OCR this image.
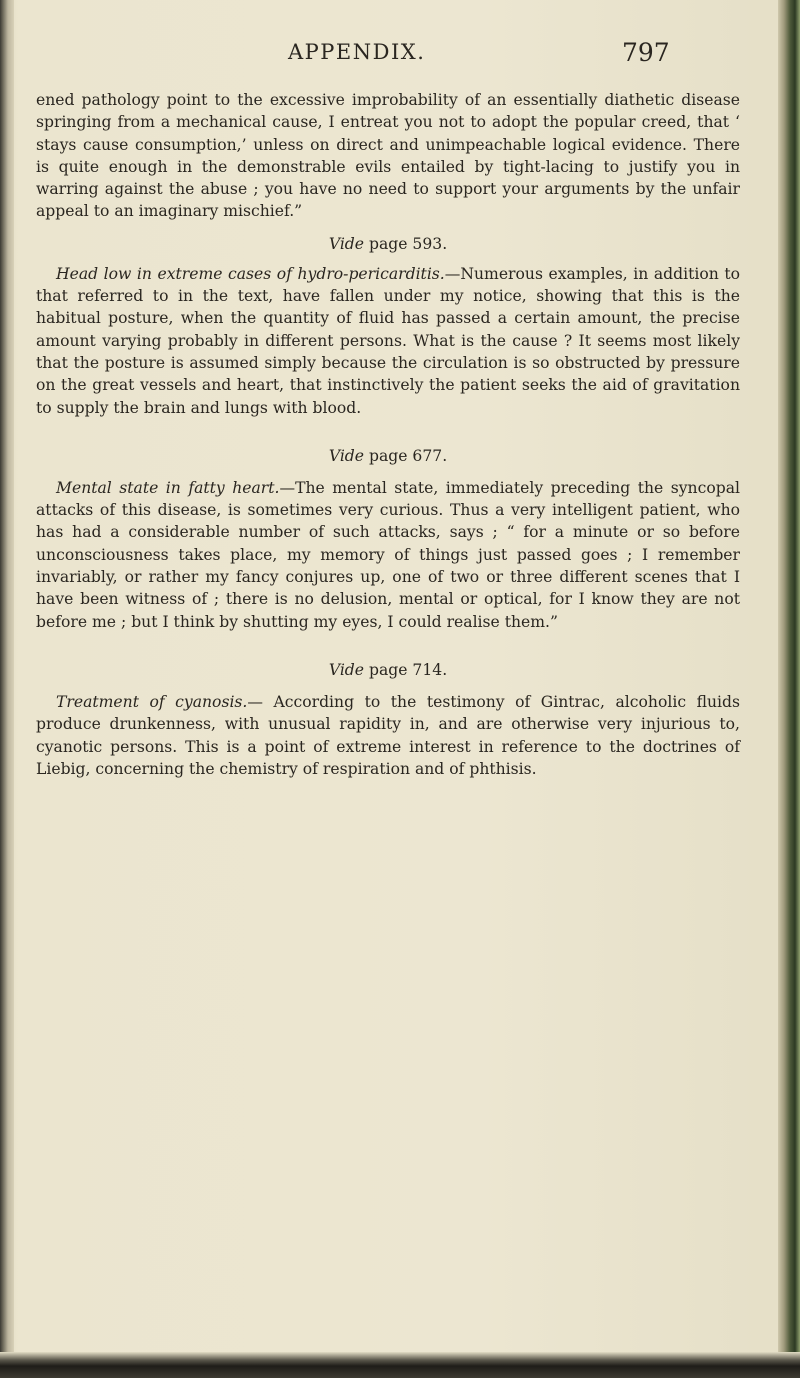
APPENDIX.	797

ened pathology point to the excessive improbability of an essentially diathetic disease springing from a mechanical cause, I entreat you not to adopt the popular creed, that ‘ stays cause consumption,’ unless on direct and unimpeachable logical evidence. There is quite enough in the demonstrable evils entailed by tight-lacing to justify you in warring against the abuse ; you have no need to support your arguments by the unfair appeal to an imaginary mischief.”

Vide page 593.

Head low in extreme cases of hydro-pericarditis.—Numerous examples, in addition to that referred to in the text, have fallen under my notice, showing that this is the habitual posture, when the quantity of fluid has passed a certain amount, the precise amount varying probably in different persons. What is the cause ? It seems most likely that the posture is assumed simply because the circulation is so obstructed by pressure on the great vessels and heart, that instinctively the patient seeks the aid of gravitation to supply the brain and lungs with blood.

Vide page 677.

Mental state in fatty heart.—The mental state, immediately preceding the syncopal attacks of this disease, is sometimes very curious. Thus a very intelligent patient, who has had a considerable number of such attacks, says ; “ for a minute or so before unconsciousness takes place, my memory of things just passed goes ; I remember invariably, or rather my fancy conjures up, one of two or three different scenes that I have been witness of ; there is no delusion, mental or optical, for I know they are not before me ; but I think by shutting my eyes, I could realise them.”

Vide page 714.

Treatment of cyanosis.— According to the testimony of Gintrac, alcoholic fluids produce drunkenness, with unusual rapidity in, and are otherwise very injurious to, cyanotic persons. This is a point of extreme interest in reference to the doctrines of Liebig, concerning the chemistry of respiration and of phthisis.
